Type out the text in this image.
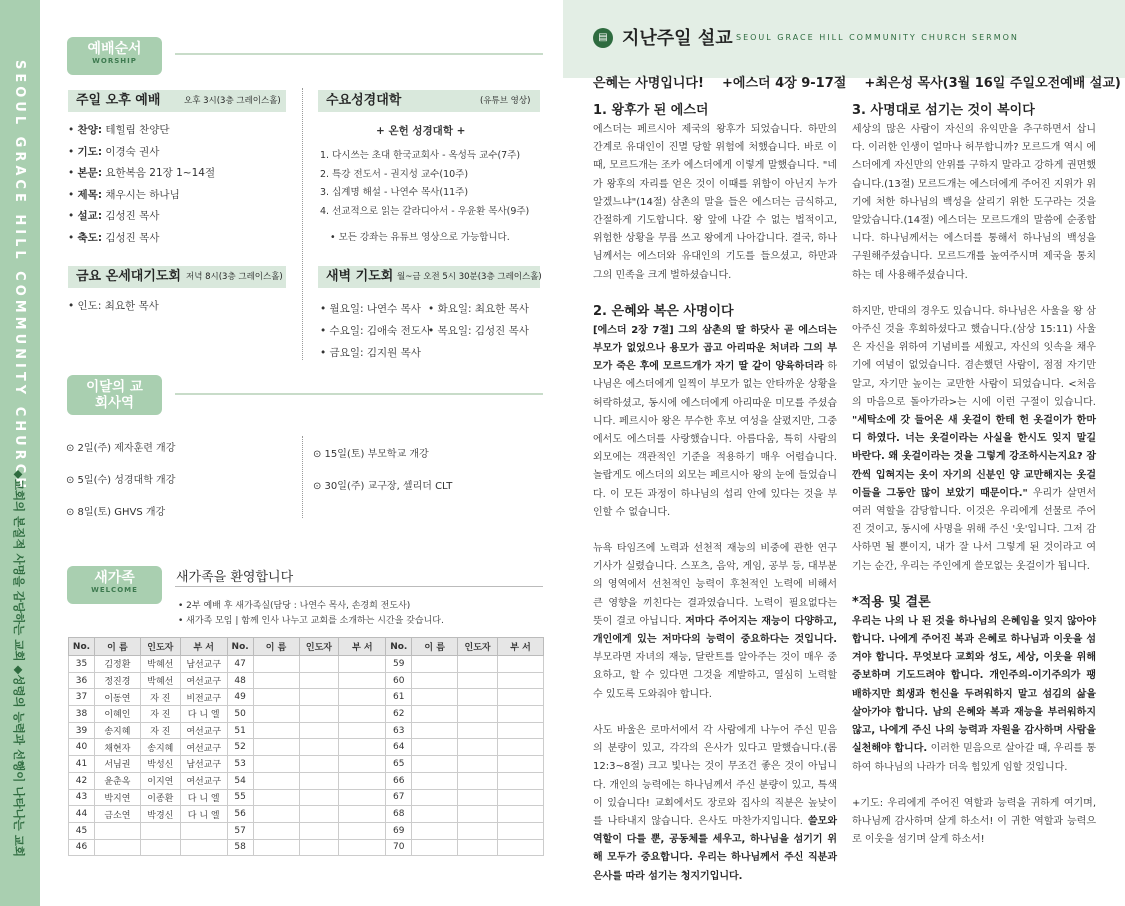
SEOUL GRACE HILL COMMUNITY CHURCH
◆교회의 본질적 사명을 감당하는 교회 ◆성령의 능력과 선행이 나타나는 교회
예배순서
WORSHIP
주일 오후 예배	오후 3시(3층 그레이스홀)
• 찬양: 테힐림 찬양단
• 기도: 이경숙 권사
• 본문: 요한복음 21장 1~14절
• 제목: 채우시는 하나님
• 설교: 김성진 목사
• 축도: 김성진 목사
수요성경대학	(유튜브 영상)
+ 온헌 성경대학 +
1. 다시쓰는 초대 한국교회사 - 옥성득 교수(7주)
2. 특강 전도서 - 권지성 교수(10주)
3. 십계명 해설 - 나연수 목사(11주)
4. 선교적으로 읽는 갈라디아서 - 우윤환 목사(9주)
• 모든 강좌는 유튜브 영상으로 가능합니다.
금요 온세대기도회 저녁 8시(3층 그레이스홀)
• 인도: 최요한 목사
새벽 기도회 월~금 오전 5시 30분(3층 그레이스홀)
• 월요일: 나연수 목사 • 화요일: 최요한 목사
• 수요일: 김애숙 전도사
• 목요일: 김성진 목사
• 금요일: 김지원 목사
이달의 교회사역
⊙ 2일(주) 제자훈련 개강
⊙ 5일(수) 성경대학 개강
⊙ 8일(토) GHVS 개강
⊙ 15일(토) 부모학교 개강
⊙ 30일(주) 교구장, 셀리더 CLT
새가족
WELCOME
새가족을 환영합니다
• 2부 예배 후 새가족실(담당 : 나연수 목사, 손경희 전도사)
• 새가족 모임 | 함께 인사 나누고 교회를 소개하는 시간을 갖습니다.
No.	이 름	인도자	부 서	No.	이 름	인도자	부 서	No.	이 름	인도자	부 서
35	김정환	박혜선	남선교구	47				59			
36	정진경	박혜선	여선교구	48				60			
37	이동연	자 진	비전교구	49				61			
38	이혜인	자 진	다 니 엘	50				62			
39	송지혜	자 진	여선교구	51				63			
40	채현자	송지혜	여선교구	52				64			
41	서님권	박성신	남선교구	53				65			
42	윤춘옥	이지연	여선교구	54				66			
43	박지연	이종환	다 니 엘	55				67			
44	금소연	박경신	다 니 엘	56				68			
45				57				69			
46				58				70			
▤ 지난주일 설교 SEOUL GRACE HILL COMMUNITY CHURCH SERMON
은혜는 사명입니다!    +에스더 4장 9-17절    +최은성 목사(3월 16일 주일오전예배 설교)
1. 왕후가 된 에스더

에스더는 페르시아 제국의 왕후가 되었습니다. 하만의 간계로 유대인이 진멸 당할 위험에 처했습니다. 바로 이 때, 모르드개는 조카 에스더에게 이렇게 말했습니다. "네가 왕후의 자리를 얻은 것이 이때를 위함이 아닌지 누가 알겠느냐"(14절) 삼촌의 말을 들은 에스더는 금식하고, 간절하게 기도합니다. 왕 앞에 나갈 수 없는 법적이고, 위험한 상황을 무릅 쓰고 왕에게 나아갑니다. 결국, 하나님께서는 에스더와 유대인의 기도를 들으셨고, 하만과 그의 민족을 크게 벌하셨습니다.

2. 은혜와 복은 사명이다

[에스더 2장 7절] 그의 삼촌의 딸 하닷사 곧 에스더는 부모가 없었으나 용모가 곱고 아리따운 처녀라 그의 부모가 죽은 후에 모르드개가 자기 딸 같이 양육하더라 하나님은 에스더에게 일찍이 부모가 없는 안타까운 상황을 허락하셨고, 동시에 에스더에게 아리따운 미모를 주셨습니다. 페르시아 왕은 무수한 후보 여성을 살폈지만, 그중에서도 에스더를 사랑했습니다. 아름다움, 특히 사람의 외모에는 객관적인 기준을 적용하기 매우 어렵습니다. 놀랍게도 에스더의 외모는 페르시아 왕의 눈에 들었습니다. 이 모든 과정이 하나님의 섭리 안에 있다는 것을 부인할 수 없습니다.

뉴욕 타임즈에 노력과 선천적 재능의 비중에 관한 연구 기사가 실렸습니다. 스포츠, 음악, 게임, 공부 등, 대부분의 영역에서 선천적인 능력이 후천적인 노력에 비해서 큰 영향을 끼친다는 결과였습니다. 노력이 필요없다는 뜻이 결코 아닙니다. 저마다 주어지는 재능이 다양하고, 개인에게 있는 저마다의 능력이 중요하다는 것입니다. 부모라면 자녀의 재능, 달란트를 알아주는 것이 매우 중요하고, 할 수 있다면 그것을 계발하고, 열심히 노력할 수 있도록 도와줘야 합니다.

사도 바울은 로마서에서 각 사람에게 나누어 주신 믿음의 분량이 있고, 각각의 은사가 있다고 말했습니다.(롬 12:3~8절) 크고 빛나는 것이 무조건 좋은 것이 아닙니다. 개인의 능력에는 하나님께서 주신 분량이 있고, 특색이 있습니다! 교회에서도 장로와 집사의 직분은 높낮이를 나타내지 않습니다. 은사도 마찬가지입니다. 쓸모와 역할이 다를 뿐, 공동체를 세우고, 하나님을 섬기기 위해 모두가 중요합니다. 우리는 하나님께서 주신 직분과 은사를 따라 섬기는 청지기입니다.

3. 사명대로 섬기는 것이 복이다

세상의 많은 사람이 자신의 유익만을 추구하면서 삽니다. 이러한 인생이 얼마나 허무합니까? 모르드개 역시 에스더에게 자신만의 안위를 구하지 말라고 강하게 권면했습니다.(13절) 모르드개는 에스더에게 주어진 지위가 위기에 처한 하나님의 백성을 살리기 위한 도구라는 것을 알았습니다.(14절) 에스더는 모르드개의 말씀에 순종합니다. 하나님께서는 에스더를 통해서 하나님의 백성을 구원해주셨습니다. 모르드개를 높여주시며 제국을 통치하는 데 사용해주셨습니다.

하지만, 반대의 경우도 있습니다. 하나님은 사울을 왕 삼아주신 것을 후회하셨다고 했습니다.(삼상 15:11) 사울은 자신을 위하여 기념비를 세웠고, 자신의 잇속을 채우기에 여념이 없었습니다. 겸손했던 사람이, 점점 자기만 알고, 자기만 높이는 교만한 사람이 되었습니다. <처음의 마음으로 돌아가라>는 시에 이런 구절이 있습니다. "세탁소에 갓 들어온 새 옷걸이 한테 헌 옷걸이가 한마디 하였다. 너는 옷걸이라는 사실을 한시도 잊지 말길 바란다. 왜 옷걸이라는 것을 그렇게 강조하시는지요? 잠깐씩 입혀지는 옷이 자기의 신분인 양 교만해지는 옷걸이들을 그동안 많이 보았기 때문이다." 우리가 살면서 여러 역할을 감당합니다. 이것은 우리에게 선물로 주어진 것이고, 동시에 사명을 위해 주신 '옷'입니다. 그저 감사하면 될 뿐이지, 내가 잘 나서 그렇게 된 것이라고 여기는 순간, 우리는 주인에게 쓸모없는 옷걸이가 됩니다.

*적용 및 결론

우리는 나의 나 된 것을 하나님의 은혜임을 잊지 않아야 합니다. 나에게 주어진 복과 은혜로 하나님과 이웃을 섬겨야 합니다. 무엇보다 교회와 성도, 세상, 이웃을 위해 중보하며 기도드려야 합니다. 개인주의-이기주의가 팽배하지만 희생과 헌신을 두려워하지 말고 섬김의 삶을 살아가야 합니다. 남의 은혜와 복과 재능을 부러워하지 않고, 나에게 주신 나의 능력과 자원을 감사하며 사람을 실천해야 합니다. 이러한 믿음으로 살아갈 때, 우리를 통하여 하나님의 나라가 더욱 힘있게 임할 것입니다.

+기도: 우리에게 주어진 역할과 능력을 귀하게 여기며, 하나님께 감사하며 살게 하소서! 이 귀한 역할과 능력으로 이웃을 섬기며 살게 하소서!
